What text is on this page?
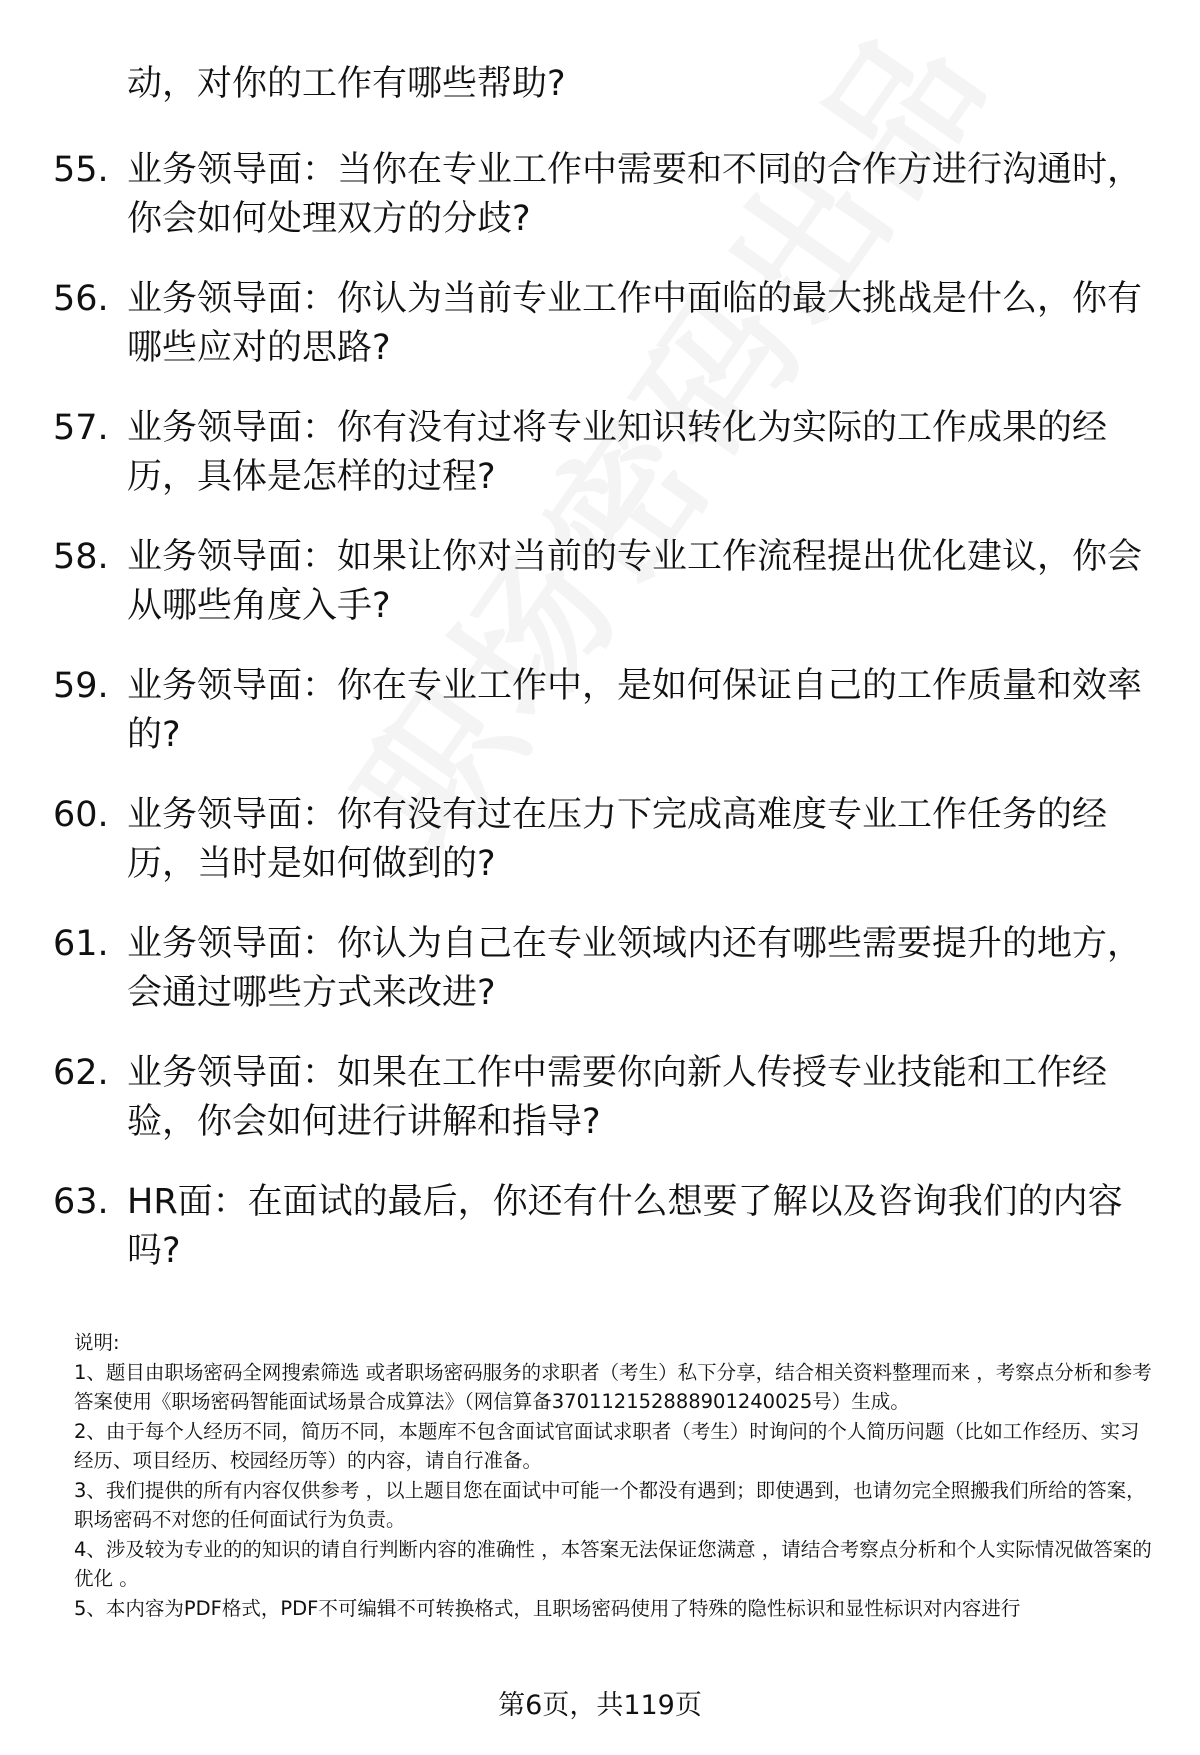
动，对你的工作有哪些帮助?
55. 业务领导面：当你在专业工作中需要和不同的合作方进行沟通时，你会如何处理双方的分歧?
56. 业务领导面：你认为当前专业工作中面临的最大挑战是什么，你有哪些应对的思路?
57. 业务领导面：你有没有过将专业知识转化为实际的工作成果的经历，具体是怎样的过程?
58. 业务领导面：如果让你对当前的专业工作流程提出优化建议，你会从哪些角度入手?
59. 业务领导面：你在专业工作中，是如何保证自己的工作质量和效率的?
60. 业务领导面：你有没有过在压力下完成高难度专业工作任务的经历，当时是如何做到的?
61. 业务领导面：你认为自己在专业领域内还有哪些需要提升的地方，会通过哪些方式来改进?
62. 业务领导面：如果在工作中需要你向新人传授专业技能和工作经验，你会如何进行讲解和指导?
63. HR面：在面试的最后，你还有什么想要了解以及咨询我们的内容吗?

说明:

1、题目由职场密码全网搜索筛选 或者职场密码服务的求职者（考生）私下分享，结合相关资料整理而来 ，考察点分析和参考答案使用《职场密码智能面试场景合成算法》（网信算备370112152888901240025号）生成。

2、由于每个人经历不同，简历不同，本题库不包含面试官面试求职者（考生）时询问的个人简历问题（比如工作经历、实习经历、项目经历、校园经历等）的内容，请自行准备。

3、我们提供的所有内容仅供参考 ，以上题目您在面试中可能一个都没有遇到；即使遇到，也请勿完全照搬我们所给的答案，职场密码不对您的任何面试行为负责。

4、涉及较为专业的的知识的请自行判断内容的准确性 ，本答案无法保证您满意 ，请结合考察点分析和个人实际情况做答案的优化 。

5、本内容为PDF格式，PDF不可编辑不可转换格式，且职场密码使用了特殊的隐性标识和显性标识对内容进行

第6页，共119页
